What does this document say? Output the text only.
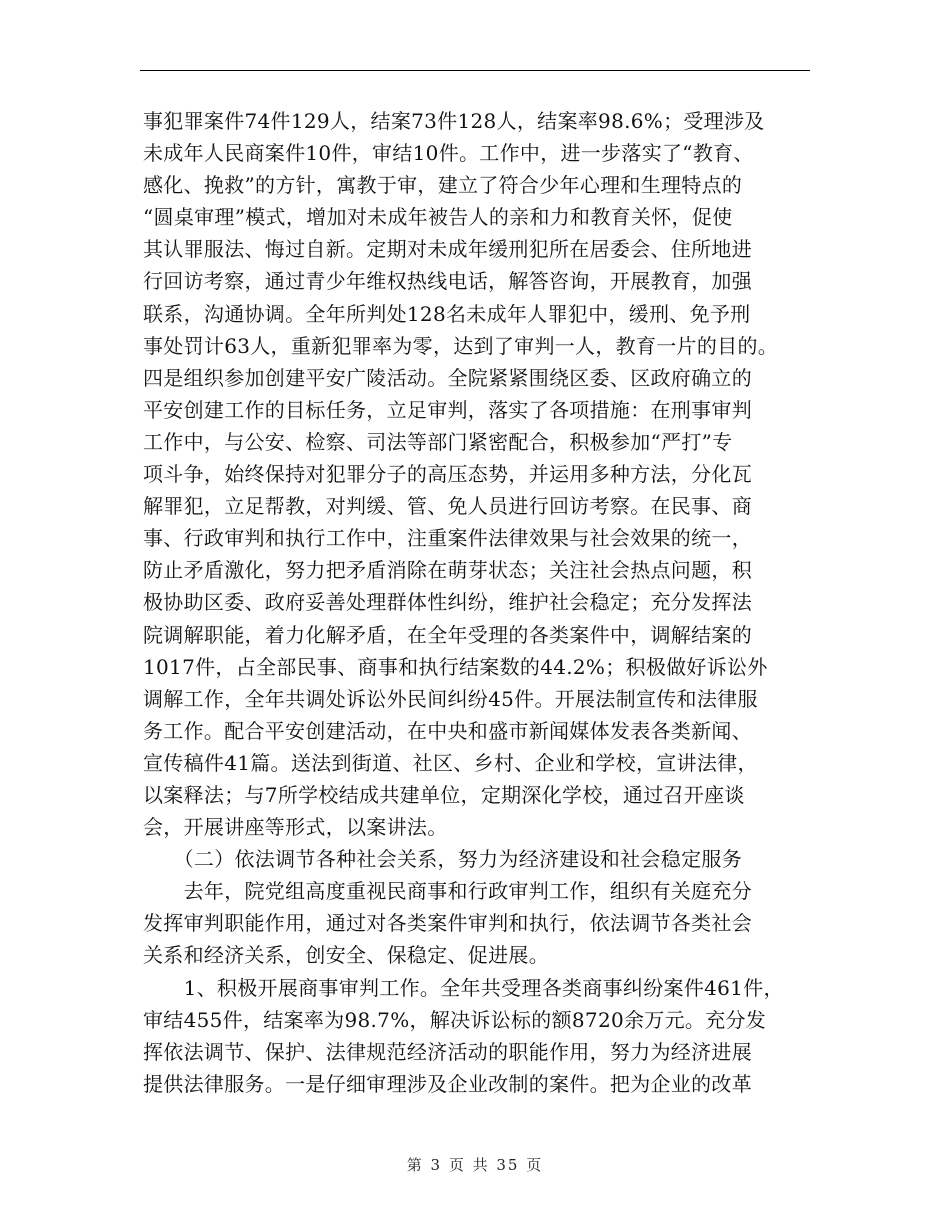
事犯罪案件74件129人，结案73件128人，结案率98.6%；受理涉及
未成年人民商案件10件，审结10件。工作中，进一步落实了“教育、
感化、挽救”的方针，寓教于审，建立了符合少年心理和生理特点的
“圆桌审理”模式，增加对未成年被告人的亲和力和教育关怀，促使
其认罪服法、悔过自新。定期对未成年缓刑犯所在居委会、住所地进
行回访考察，通过青少年维权热线电话，解答咨询，开展教育，加强
联系，沟通协调。全年所判处128名未成年人罪犯中，缓刑、免予刑
事处罚计63人，重新犯罪率为零，达到了审判一人，教育一片的目的。
四是组织参加创建平安广陵活动。全院紧紧围绕区委、区政府确立的
平安创建工作的目标任务，立足审判，落实了各项措施：在刑事审判
工作中，与公安、检察、司法等部门紧密配合，积极参加“严打”专
项斗争，始终保持对犯罪分子的高压态势，并运用多种方法，分化瓦
解罪犯，立足帮教，对判缓、管、免人员进行回访考察。在民事、商
事、行政审判和执行工作中，注重案件法律效果与社会效果的统一，
防止矛盾激化，努力把矛盾消除在萌芽状态；关注社会热点问题，积
极协助区委、政府妥善处理群体性纠纷，维护社会稳定；充分发挥法
院调解职能，着力化解矛盾，在全年受理的各类案件中，调解结案的
1017件，占全部民事、商事和执行结案数的44.2%；积极做好诉讼外
调解工作，全年共调处诉讼外民间纠纷45件。开展法制宣传和法律服
务工作。配合平安创建活动，在中央和盛市新闻媒体发表各类新闻、
宣传稿件41篇。送法到街道、社区、乡村、企业和学校，宣讲法律，
以案释法；与7所学校结成共建单位，定期深化学校，通过召开座谈
会，开展讲座等形式，以案讲法。
　　（二）依法调节各种社会关系，努力为经济建设和社会稳定服务
　　去年，院党组高度重视民商事和行政审判工作，组织有关庭充分
发挥审判职能作用，通过对各类案件审判和执行，依法调节各类社会
关系和经济关系，创安全、保稳定、促进展。
　　1、积极开展商事审判工作。全年共受理各类商事纠纷案件461件，
审结455件，结案率为98.7%，解决诉讼标的额8720余万元。充分发
挥依法调节、保护、法律规范经济活动的职能作用，努力为经济进展
提供法律服务。一是仔细审理涉及企业改制的案件。把为企业的改革
第 3 页 共 35 页
